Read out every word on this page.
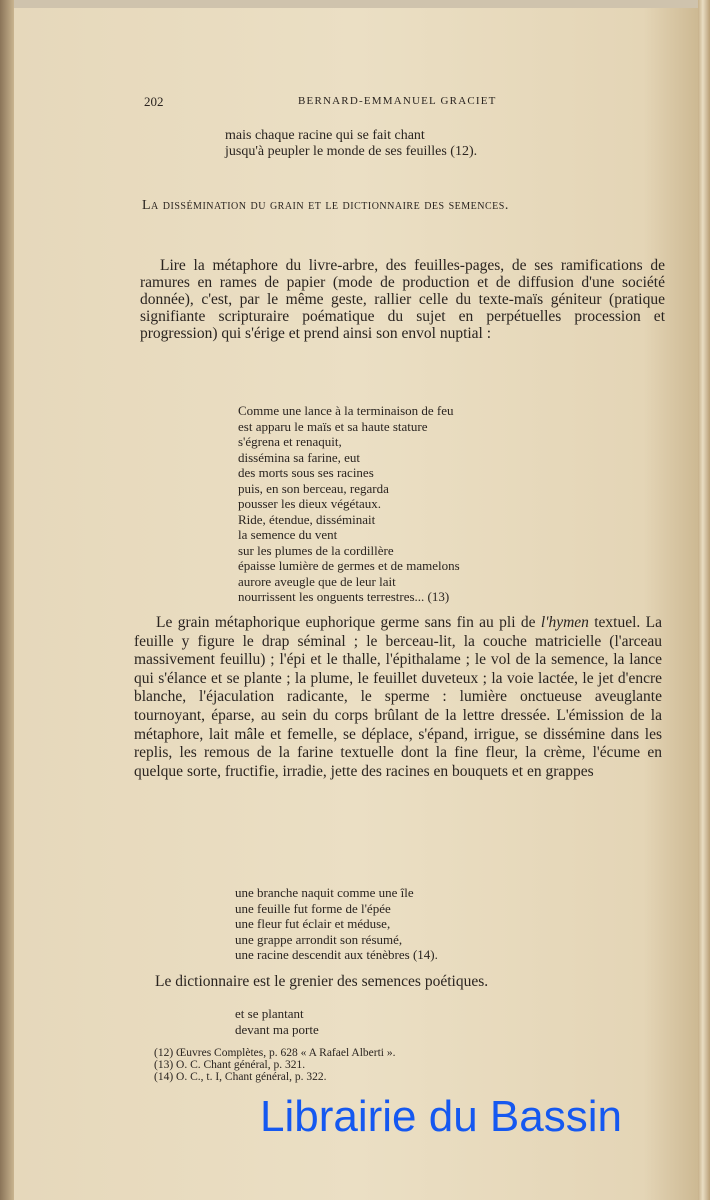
202	BERNARD-EMMANUEL GRACIET
mais chaque racine qui se fait chant
jusqu'à peupler le monde de ses feuilles (12).
La dissémination du grain et le dictionnaire des semences.

Lire la métaphore du livre-arbre, des feuilles-pages, de ses ramifications de ramures en rames de papier (mode de production et de diffusion d'une société donnée), c'est, par le même geste, rallier celle du texte-maïs géniteur (pratique signifiante scripturaire poématique du sujet en perpétuelles procession et progression) qui s'érige et prend ainsi son envol nuptial :

Comme une lance à la terminaison de feu
est apparu le maïs et sa haute stature
s'égrena et renaquit,
dissémina sa farine, eut
des morts sous ses racines
puis, en son berceau, regarda
pousser les dieux végétaux.
Ride, étendue, disséminait
la semence du vent
sur les plumes de la cordillère
épaisse lumière de germes et de mamelons
aurore aveugle que de leur lait
nourrissent les onguents terrestres... (13)

Le grain métaphorique euphorique germe sans fin au pli de l'hymen textuel. La feuille y figure le drap séminal ; le berceau-lit, la couche matricielle (l'arceau massivement feuillu) ; l'épi et le thalle, l'épithalame ; le vol de la semence, la lance qui s'élance et se plante ; la plume, le feuillet duveteux ; la voie lactée, le jet d'encre blanche, l'éjaculation radicante, le sperme : lumière onctueuse aveuglante tournoyant, éparse, au sein du corps brûlant de la lettre dressée. L'émission de la métaphore, lait mâle et femelle, se déplace, s'épand, irrigue, se dissémine dans les replis, les remous de la farine textuelle dont la fine fleur, la crème, l'écume en quelque sorte, fructifie, irradie, jette des racines en bouquets et en grappes

une branche naquit comme une île
une feuille fut forme de l'épée
une fleur fut éclair et méduse,
une grappe arrondit son résumé,
une racine descendit aux ténèbres (14).
Le dictionnaire est le grenier des semences poétiques.
et se plantant
devant ma porte
(12) Œuvres Complètes, p. 628 « A Rafael Alberti ».
(13) O. C. Chant général, p. 321.
(14) O. C., t. I, Chant général, p. 322.
Librairie du Bassin
